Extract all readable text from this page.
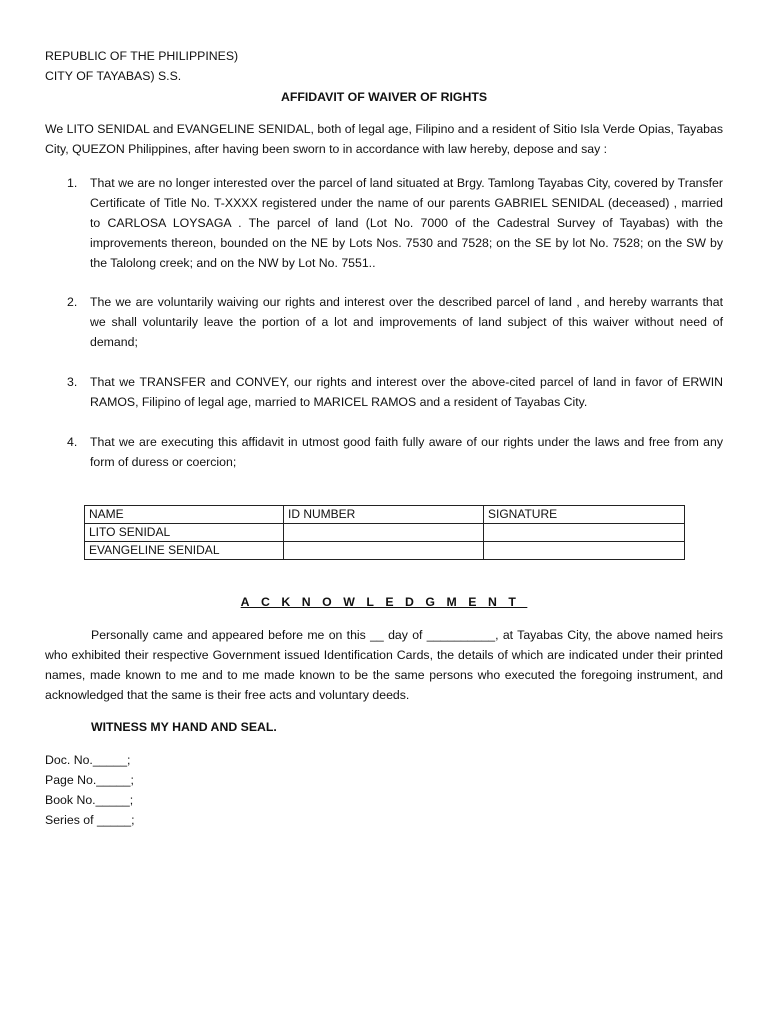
REPUBLIC OF THE PHILIPPINES)
CITY OF TAYABAS) S.S.
AFFIDAVIT OF WAIVER OF RIGHTS
We LITO SENIDAL and EVANGELINE SENIDAL, both of legal age, Filipino and a resident of Sitio Isla Verde Opias, Tayabas City, QUEZON Philippines, after having been sworn to in accordance with law hereby, depose and say :
1.	That we are no longer interested over the parcel of land situated at Brgy. Tamlong Tayabas City, covered by Transfer Certificate of Title No. T-XXXX registered under the name of our parents GABRIEL SENIDAL (deceased) , married to CARLOSA LOYSAGA . The parcel of land (Lot No. 7000 of the Cadestral Survey of Tayabas) with the improvements thereon, bounded on the NE by Lots Nos. 7530 and 7528; on the SE by lot No. 7528; on the SW by the Talolong creek; and on the NW by Lot No. 7551..
2.	The we are voluntarily waiving our rights and interest over the described parcel of land , and hereby warrants that we shall voluntarily leave the portion of a lot and improvements of land subject of this waiver without need of demand;
3.	That we TRANSFER and CONVEY, our rights and interest over the above-cited parcel of land in favor of ERWIN RAMOS, Filipino of legal age, married to MARICEL RAMOS and a resident of Tayabas City.
4.	That we are executing this affidavit in utmost good faith fully aware of our rights under the laws and free from any form of duress or coercion;
NAME	ID NUMBER	SIGNATURE
LITO SENIDAL		
EVANGELINE SENIDAL		
ACKNOWLEDGMENT
Personally came and appeared before me on this __ day of __________, at Tayabas City, the above named heirs who exhibited their respective Government issued Identification Cards, the details of which are indicated under their printed names, made known to me and to me made known to be the same persons who executed the foregoing instrument, and acknowledged that the same is their free acts and voluntary deeds.
WITNESS MY HAND AND SEAL.
Doc. No._____;
Page No._____;
Book No._____;
Series of _____;
